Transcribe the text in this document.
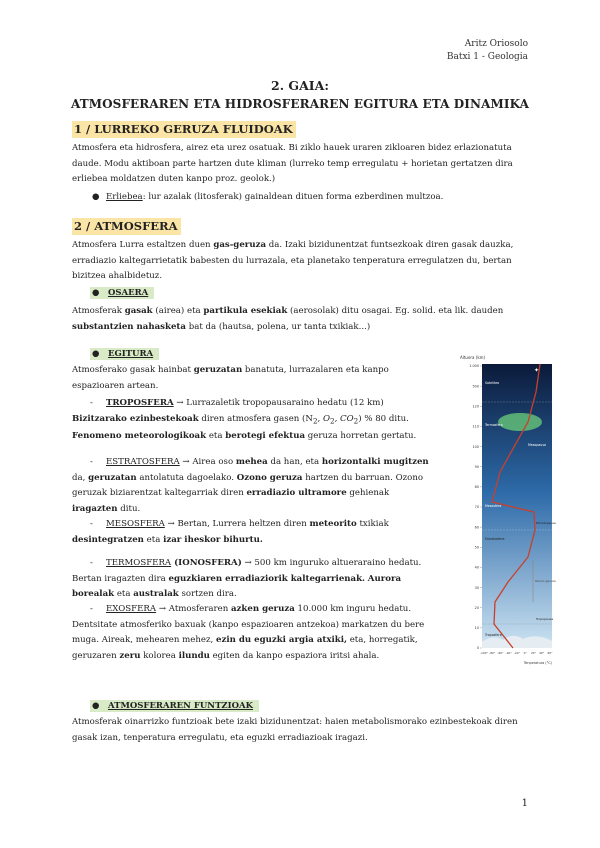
Aritz Oriosolo
Batxi 1 - Geologia
2. GAIA:
ATMOSFERAREN ETA HIDROSFERAREN EGITURA ETA DINAMIKA
1 / LURREKO GERUZA FLUIDOAK
Atmosfera eta hidrosfera, airez eta urez osatuak. Bi ziklo hauek uraren zikloaren bidez erlazionatuta daude. Modu aktiboan parte hartzen dute kliman (lurreko temp erregulatu + horietan gertatzen dira erliebea moldatzen duten kanpo proz. geolok.)
● Erliebea: lur azalak (litosferak) gainaldean dituen forma ezberdinen multzoa.
2 / ATMOSFERA
Atmosfera Lurra estaltzen duen gas-geruza da. Izaki bizidunentzat funtsezkoak diren gasak dauzka, erradiazio kaltegarrietatik babesten du lurrazala, eta planetako tenperatura erregulatzen du, bertan bizitzea ahalbidetuz.
● OSAERA
Atmosferak gasak (airea) eta partikula esekiak (aerosolak) ditu osagai. Eg. solid. eta lik. dauden substantzien nahasketa bat da (hautsa, polena, ur tanta txikiak...)
● EGITURA
Atmosferako gasak hainbat geruzatan banatuta, lurrazalaren eta kanpo espazioaren artean.
- TROPOSFERA → Lurrazaletik tropopausaraino hedatu (12 km)
Bizitzarako ezinbestekoak diren atmosfera gasen ($N_2$, $O_2$, $CO_2$) % 80 ditu.
Fenomeno meteorologikoak eta berotegi efektua geruza horretan gertatu.
- ESTRATOSFERA → Airea oso mehea da han, eta horizontalki mugitzen da, geruzatan antolatuta dagoelako. Ozono geruza hartzen du barruan. Ozono geruzak biziarentzat kaltegarriak diren erradiazio ultramore gehienak iragazten ditu.
- MESOSFERA → Bertan, Lurrera heltzen diren meteorito txikiak desintegratzen eta izar iheskor bihurtu.
- TERMOSFERA (IONOSFERA) → 500 km inguruko altueraraino hedatu. Bertan iragazten dira eguzkiaren erradiaziorik kaltegarrienak. Aurora borealak eta australak sortzen dira.
- EXOSFERA → Atmosferaren azken geruza 10.000 km inguru hedatu. Dentsitate atmosferiko baxuak (kanpo espazioaren antzekoa) markatzen du bere muga. Aireak, mehearen mehez, ezin du eguzki argia atxiki, eta, horregatik, geruzaren zeru kolorea ilundu egiten da kanpo espaziora iritsi ahala.
● ATMOSFERAREN FUNTZIOAK
Atmosferak oinarrizko funtzioak bete izaki bizidunentzat: haien metabolismorako ezinbestekoak diren gasak izan, tenperatura erregulatu, eta eguzki erradiazioak iragazi.
Altuera (km)
1.000
500
120
110
100
90
80
70
60
50
40
30
20
10
0
-100° -80° -60° -40° -20° 0° 20° 40° 60°
✦
Satelitea
Termosfera
Mesopausa
Mesosfera
Estratopausa
Estratosfera
Ozono geruza
Tropopausa
Troposfera
Tenperatura (°C)
1
